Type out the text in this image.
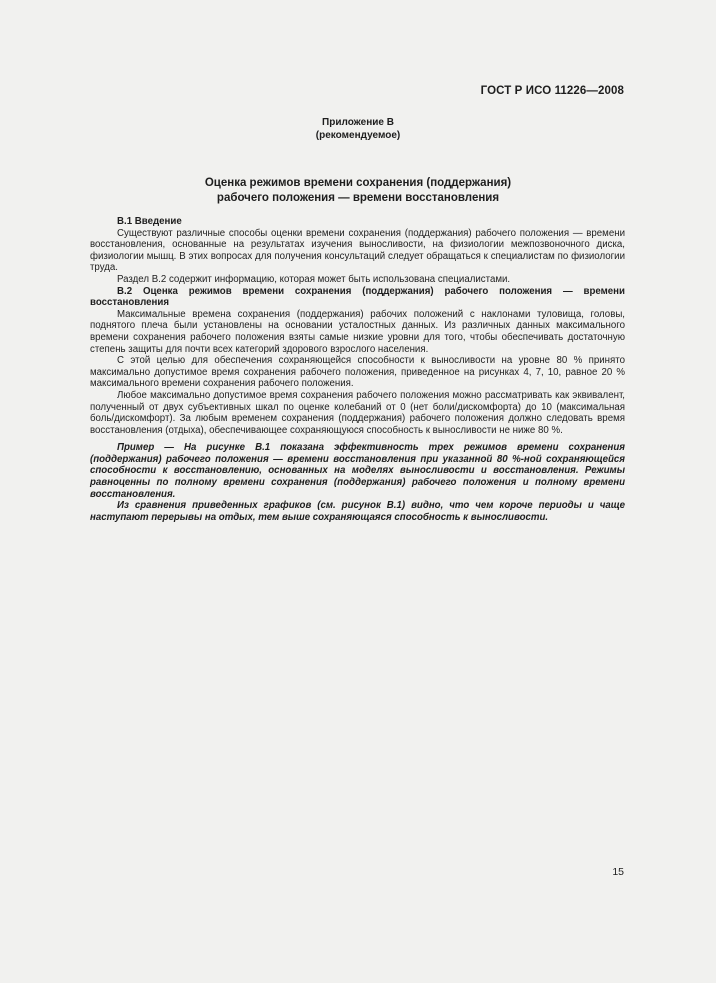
ГОСТ Р ИСО 11226—2008
Приложение В
(рекомендуемое)
Оценка режимов времени сохранения (поддержания)
рабочего положения — времени восстановления

В.1 Введение

Существуют различные способы оценки времени сохранения (поддержания) рабочего положения — времени восстановления, основанные на результатах изучения выносливости, на физиологии межпозвоночного диска, физиологии мышц. В этих вопросах для получения консультаций следует обращаться к специалистам по физиологии труда.

Раздел В.2 содержит информацию, которая может быть использована специалистами.

В.2 Оценка режимов времени сохранения (поддержания) рабочего положения — времени восстановления

Максимальные времена сохранения (поддержания) рабочих положений с наклонами туловища, головы, поднятого плеча были установлены на основании усталостных данных. Из различных данных максимального времени сохранения рабочего положения взяты самые низкие уровни для того, чтобы обеспечивать достаточную степень защиты для почти всех категорий здорового взрослого населения.

С этой целью для обеспечения сохраняющейся способности к выносливости на уровне 80 % принято максимально допустимое время сохранения рабочего положения, приведенное на рисунках 4, 7, 10, равное 20 % максимального времени сохранения рабочего положения.

Любое максимально допустимое время сохранения рабочего положения можно рассматривать как эквивалент, полученный от двух субъективных шкал по оценке колебаний от 0 (нет боли/дискомфорта) до 10 (максимальная боль/дискомфорт). За любым временем сохранения (поддержания) рабочего положения должно следовать время восстановления (отдыха), обеспечивающее сохраняющуюся способность к выносливости не ниже 80 %.

Пример — На рисунке В.1 показана эффективность трех режимов времени сохранения (поддержания) рабочего положения — времени восстановления при указанной 80 %-ной сохраняющейся способности к восстановлению, основанных на моделях выносливости и восстановления. Режимы равноценны по полному времени сохранения (поддержания) рабочего положения и полному времени восстановления.

Из сравнения приведенных графиков (см. рисунок В.1) видно, что чем короче периоды и чаще наступают перерывы на отдых, тем выше сохраняющаяся способность к выносливости.

15
